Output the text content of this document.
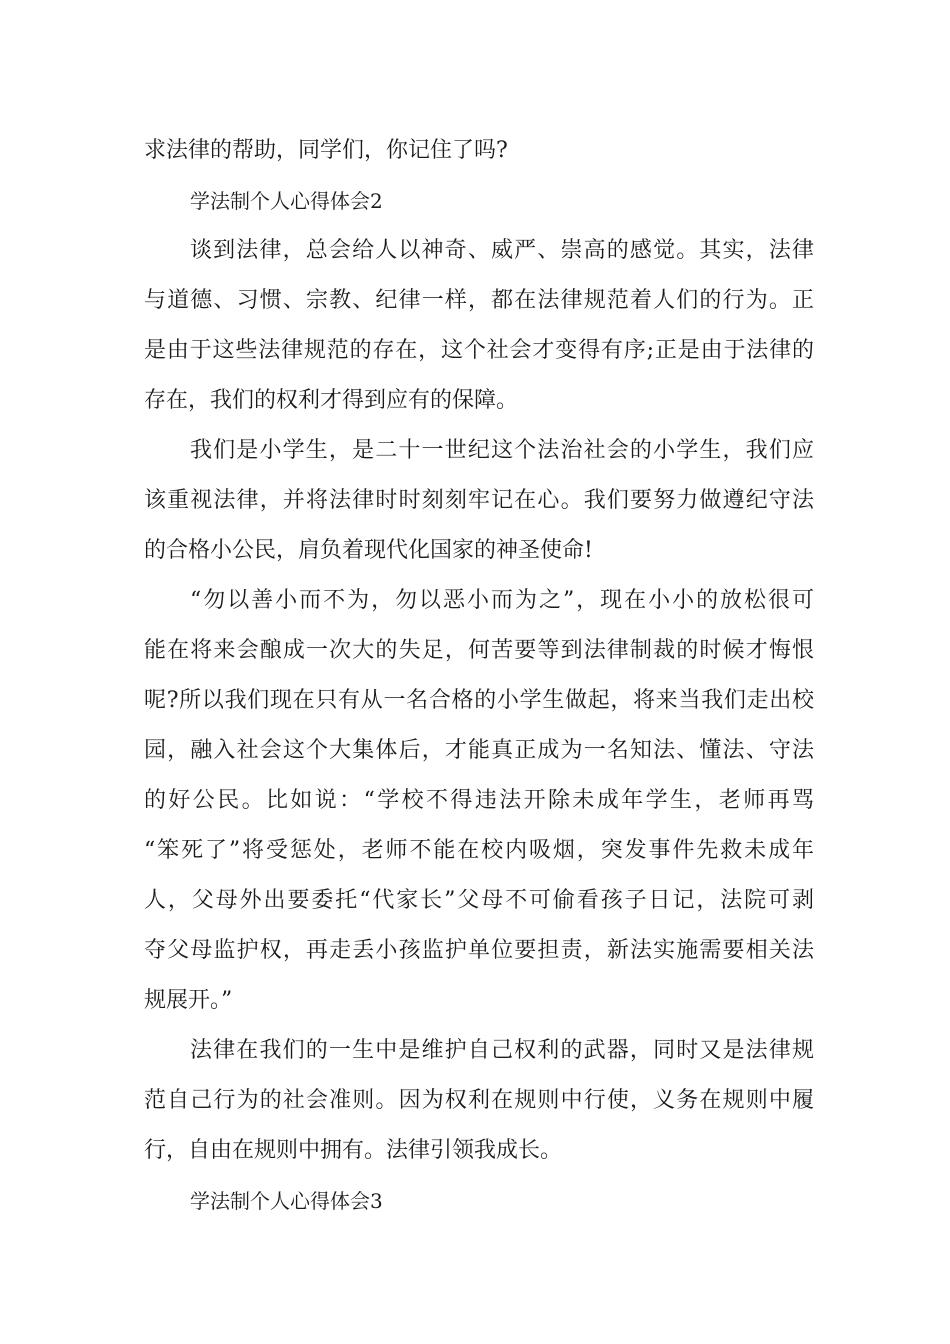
求法律的帮助，同学们，你记住了吗?
学法制个人心得体会2
谈到法律，总会给人以神奇、威严、崇高的感觉。其实，法律
与道德、习惯、宗教、纪律一样，都在法律规范着人们的行为。正
是由于这些法律规范的存在，这个社会才变得有序;正是由于法律的
存在，我们的权利才得到应有的保障。
我们是小学生，是二十一世纪这个法治社会的小学生，我们应
该重视法律，并将法律时时刻刻牢记在心。我们要努力做遵纪守法
的合格小公民，肩负着现代化国家的神圣使命!
“勿以善小而不为，勿以恶小而为之”，现在小小的放松很可
能在将来会酿成一次大的失足，何苦要等到法律制裁的时候才悔恨
呢?所以我们现在只有从一名合格的小学生做起，将来当我们走出校
园，融入社会这个大集体后，才能真正成为一名知法、懂法、守法
的好公民。比如说：“学校不得违法开除未成年学生，老师再骂
“笨死了”将受惩处，老师不能在校内吸烟，突发事件先救未成年
人，父母外出要委托“代家长”父母不可偷看孩子日记，法院可剥
夺父母监护权，再走丢小孩监护单位要担责，新法实施需要相关法
规展开。”
法律在我们的一生中是维护自己权利的武器，同时又是法律规
范自己行为的社会准则。因为权利在规则中行使，义务在规则中履
行，自由在规则中拥有。法律引领我成长。
学法制个人心得体会3
